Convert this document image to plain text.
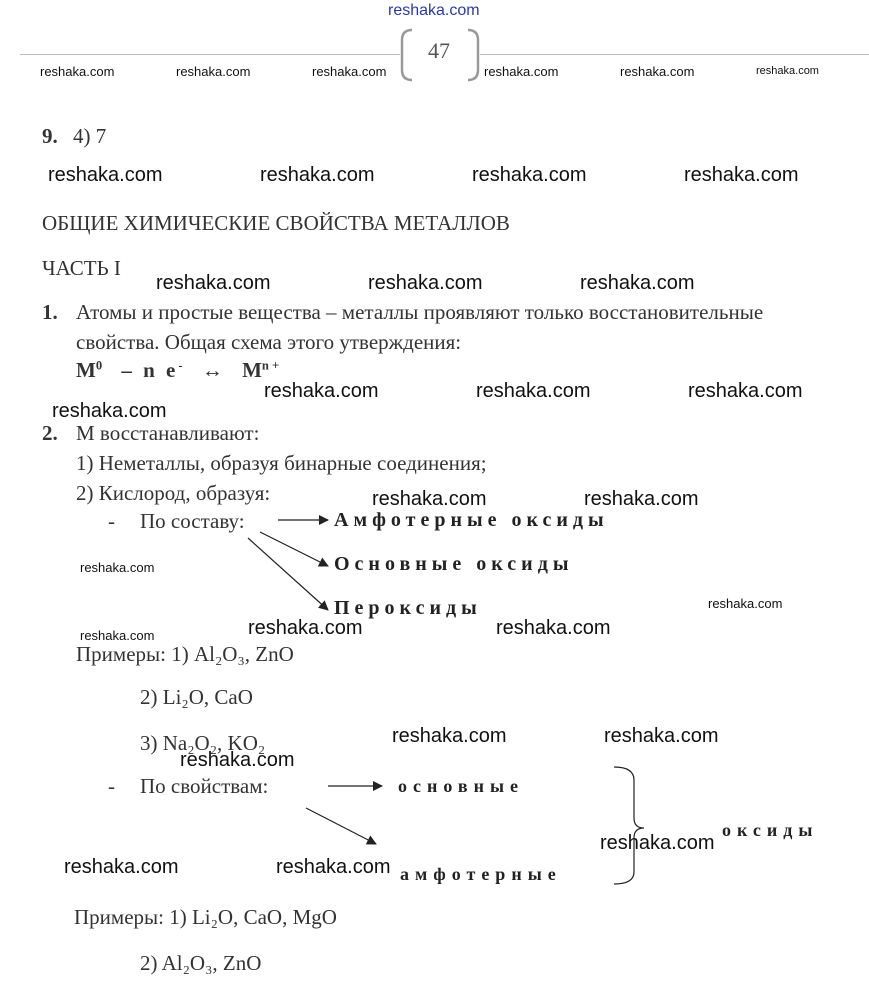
reshaka.com
47
reshaka.com	reshaka.com	reshaka.com	reshaka.com	reshaka.com	reshaka.com
9. 4) 7
reshaka.com	reshaka.com	reshaka.com	reshaka.com
ОБЩИЕ ХИМИЧЕСКИЕ СВОЙСТВА МЕТАЛЛОВ
ЧАСТЬ I
reshaka.com	reshaka.com	reshaka.com
1. Атомы и простые вещества – металлы проявляют только восстановительные
свойства. Общая схема этого утверждения:
$M^0$ – n e- ↔ $M^{n +}$
reshaka.com	reshaka.com	reshaka.com
reshaka.com
2. M восстанавливают:
1) Неметаллы, образуя бинарные соединения;
2) Кислород, образуя:	reshaka.com	reshaka.com
- По составу:	Амфотерные оксиды
Основные оксиды
Пероксиды
reshaka.com
reshaka.com
reshaka.com	reshaka.com	reshaka.com
Примеры: 1) Al₂O₃, ZnO
2) Li₂O, CaO
3) Na₂O₂, KO₂	reshaka.com	reshaka.com
reshaka.com
- По свойствам:	основные
амфотерные
оксиды
reshaka.com
reshaka.com	reshaka.com
Примеры: 1) Li₂O, CaO, MgO
2) Al₂O₃, ZnO
